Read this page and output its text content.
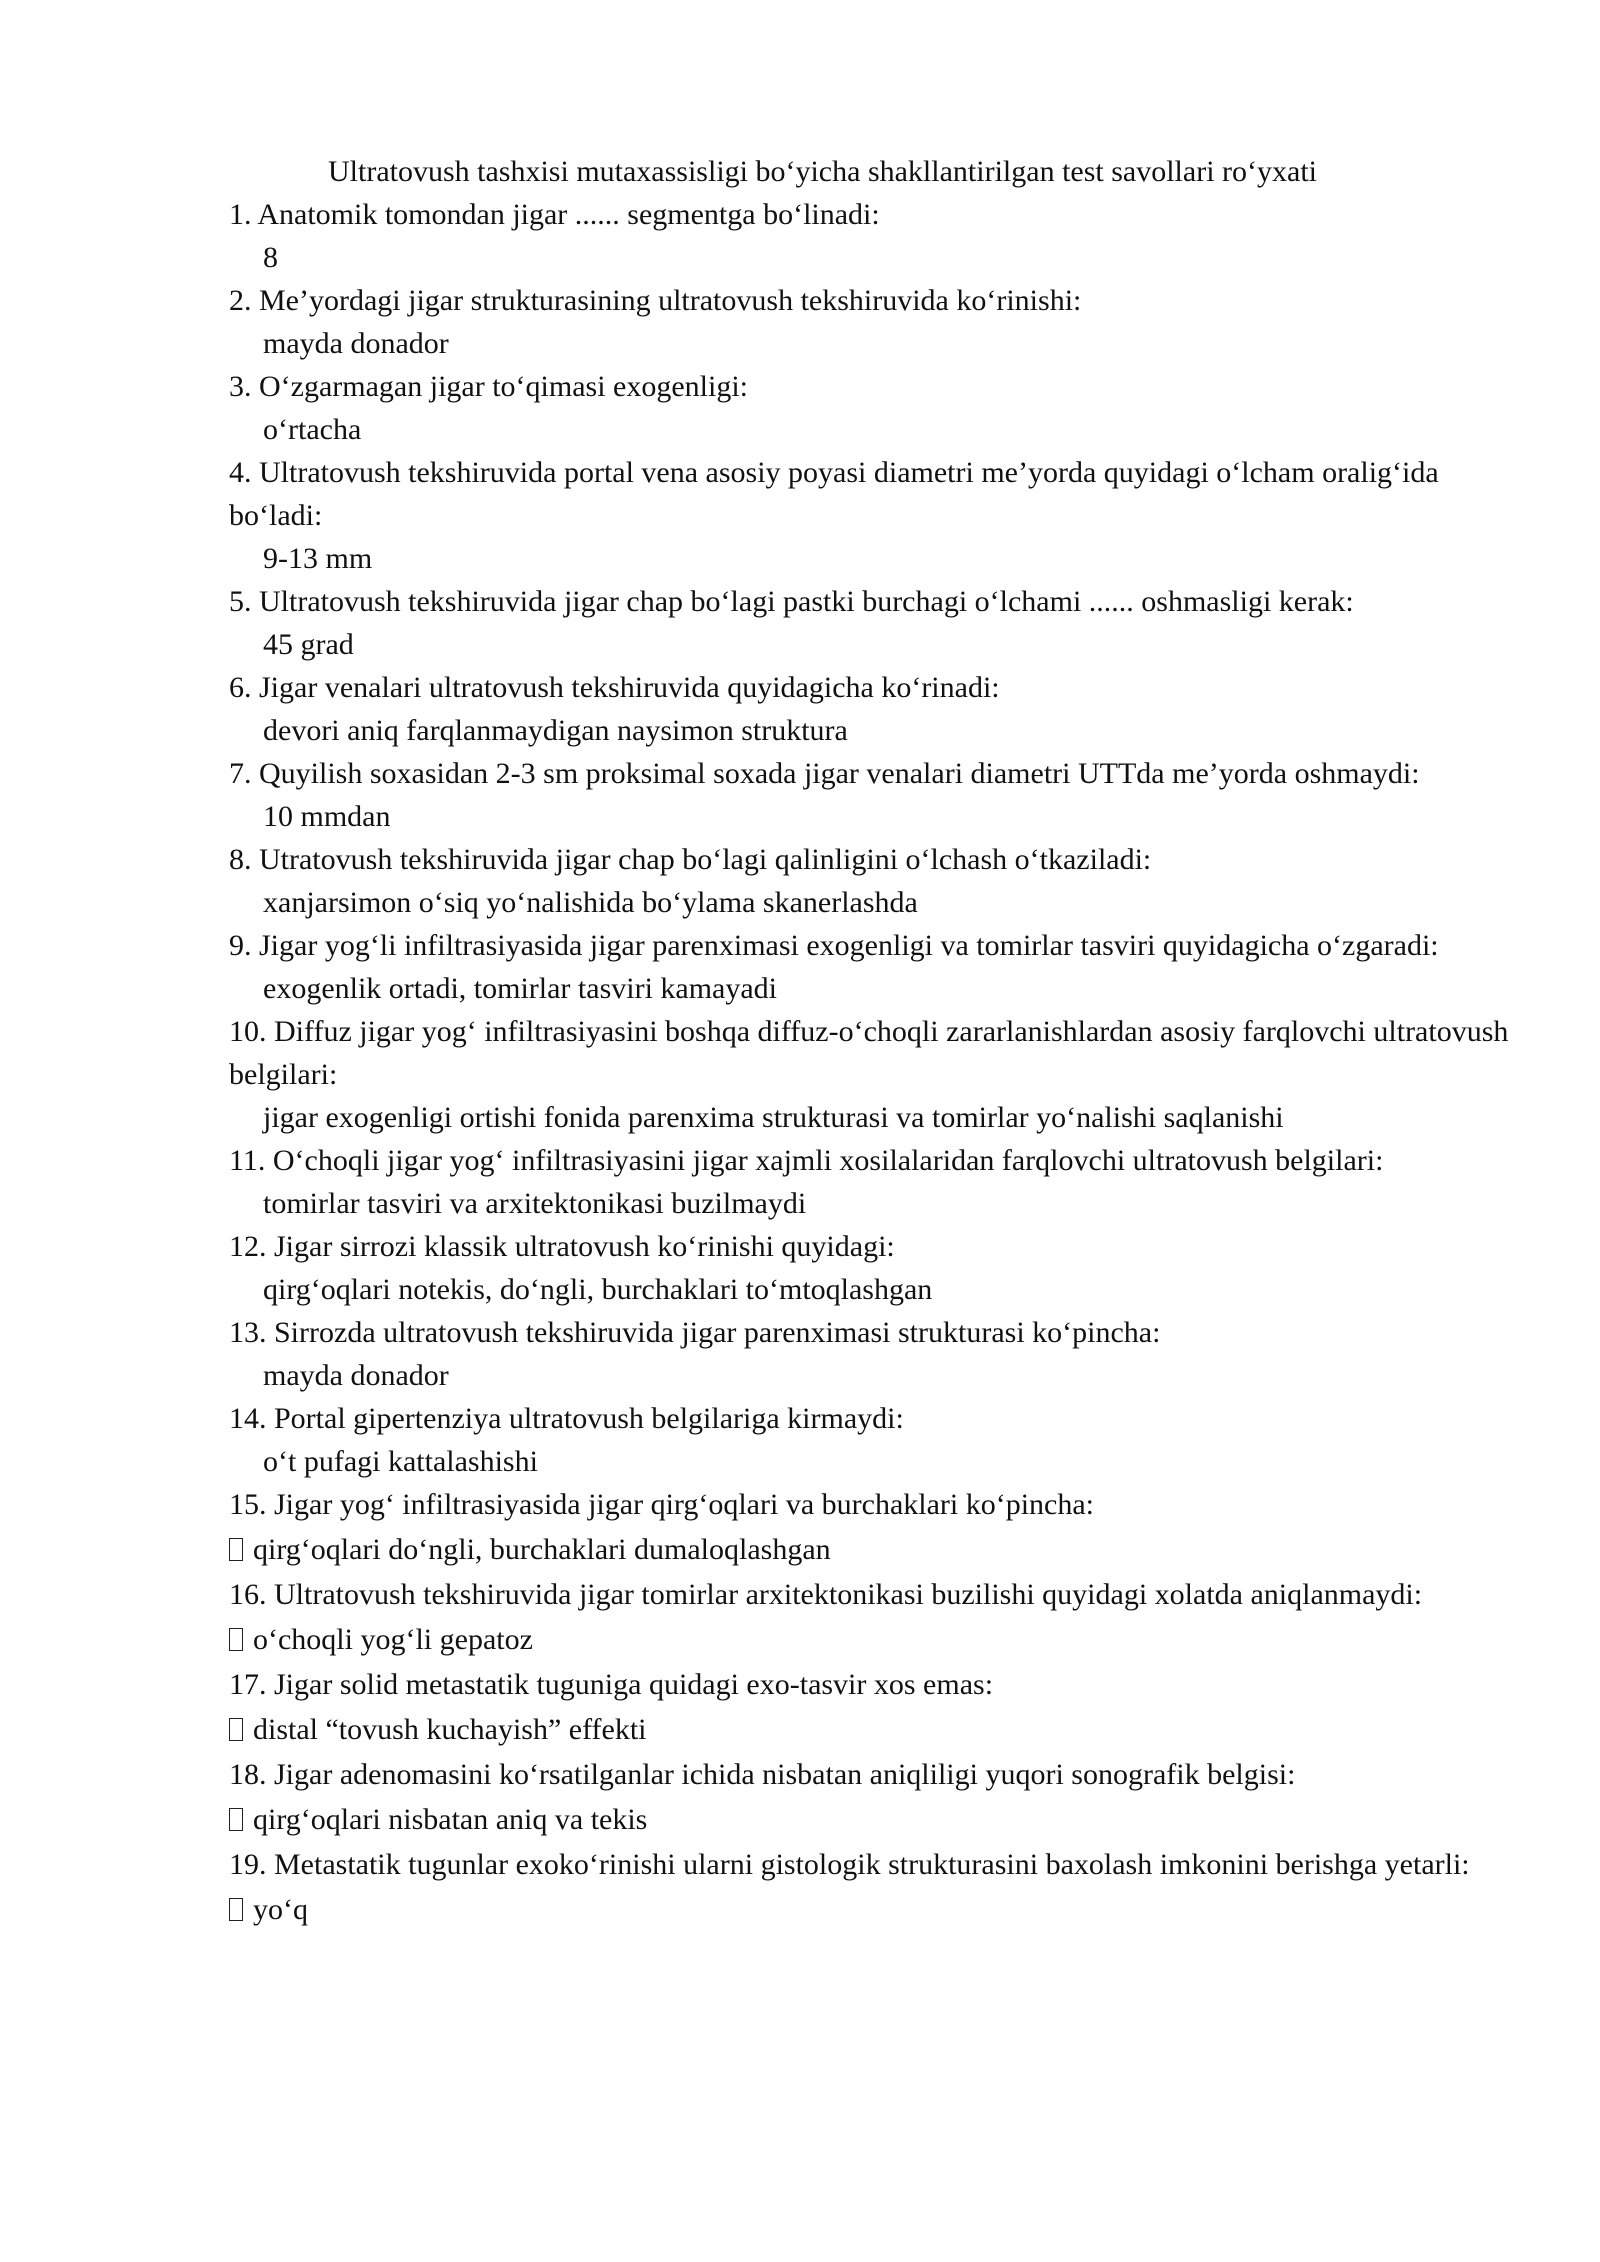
Ultratovush tashxisi mutaxassisligi bo‘yicha shakllantirilgan test savollari ro‘yxati
1. Anatomik tomondan jigar ...... segmentga bo‘linadi:
8
2. Me’yordagi jigar strukturasining ultratovush tekshiruvida ko‘rinishi:
mayda donador
3. O‘zgarmagan jigar to‘qimasi exogenligi:
o‘rtacha
4. Ultratovush tekshiruvida portal vena asosiy poyasi diametri me’yorda quyidagi o‘lcham oralig‘ida bo‘ladi:
9-13 mm
5. Ultratovush tekshiruvida jigar chap bo‘lagi pastki burchagi o‘lchami ...... oshmasligi kerak:
45 grad
6. Jigar venalari ultratovush tekshiruvida quyidagicha ko‘rinadi:
devori aniq farqlanmaydigan naysimon struktura
7. Quyilish soxasidan 2-3 sm proksimal soxada jigar venalari diametri UTTda me’yorda oshmaydi:
10 mmdan
8. Utratovush tekshiruvida jigar chap bo‘lagi qalinligini o‘lchash o‘tkaziladi:
xanjarsimon o‘siq yo‘nalishida bo‘ylama skanerlashda
9. Jigar yog‘li infiltrasiyasida jigar parenximasi exogenligi va tomirlar tasviri quyidagicha o‘zgaradi:
exogenlik ortadi, tomirlar tasviri kamayadi
10. Diffuz jigar yog‘ infiltrasiyasini boshqa diffuz-o‘choqli zararlanishlardan asosiy farqlovchi ultratovush belgilari:
jigar exogenligi ortishi fonida parenxima strukturasi va tomirlar yo‘nalishi saqlanishi
11. O‘choqli jigar yog‘ infiltrasiyasini jigar xajmli xosilalaridan farqlovchi ultratovush belgilari:
tomirlar tasviri va arxitektonikasi buzilmaydi
12. Jigar sirrozi klassik ultratovush ko‘rinishi quyidagi:
qirg‘oqlari notekis, do‘ngli, burchaklari to‘mtoqlashgan
13. Sirrozda ultratovush tekshiruvida jigar parenximasi strukturasi ko‘pincha:
mayda donador
14. Portal gipertenziya ultratovush belgilariga kirmaydi:
o‘t pufagi kattalashishi
15. Jigar yog‘ infiltrasiyasida jigar qirg‘oqlari va burchaklari ko‘pincha:
qirg‘oqlari do‘ngli, burchaklari dumaloqlashgan
16. Ultratovush tekshiruvida jigar tomirlar arxitektonikasi buzilishi quyidagi xolatda aniqlanmaydi:
o‘choqli yog‘li gepatoz
17. Jigar solid metastatik tuguniga quidagi exo-tasvir xos emas:
distal “tovush kuchayish” effekti
18. Jigar adenomasini ko‘rsatilganlar ichida nisbatan aniqliligi yuqori sonografik belgisi:
qirg‘oqlari nisbatan aniq va tekis
19. Metastatik tugunlar exoko‘rinishi ularni gistologik strukturasini baxolash imkonini berishga yetarli:
yo‘q
